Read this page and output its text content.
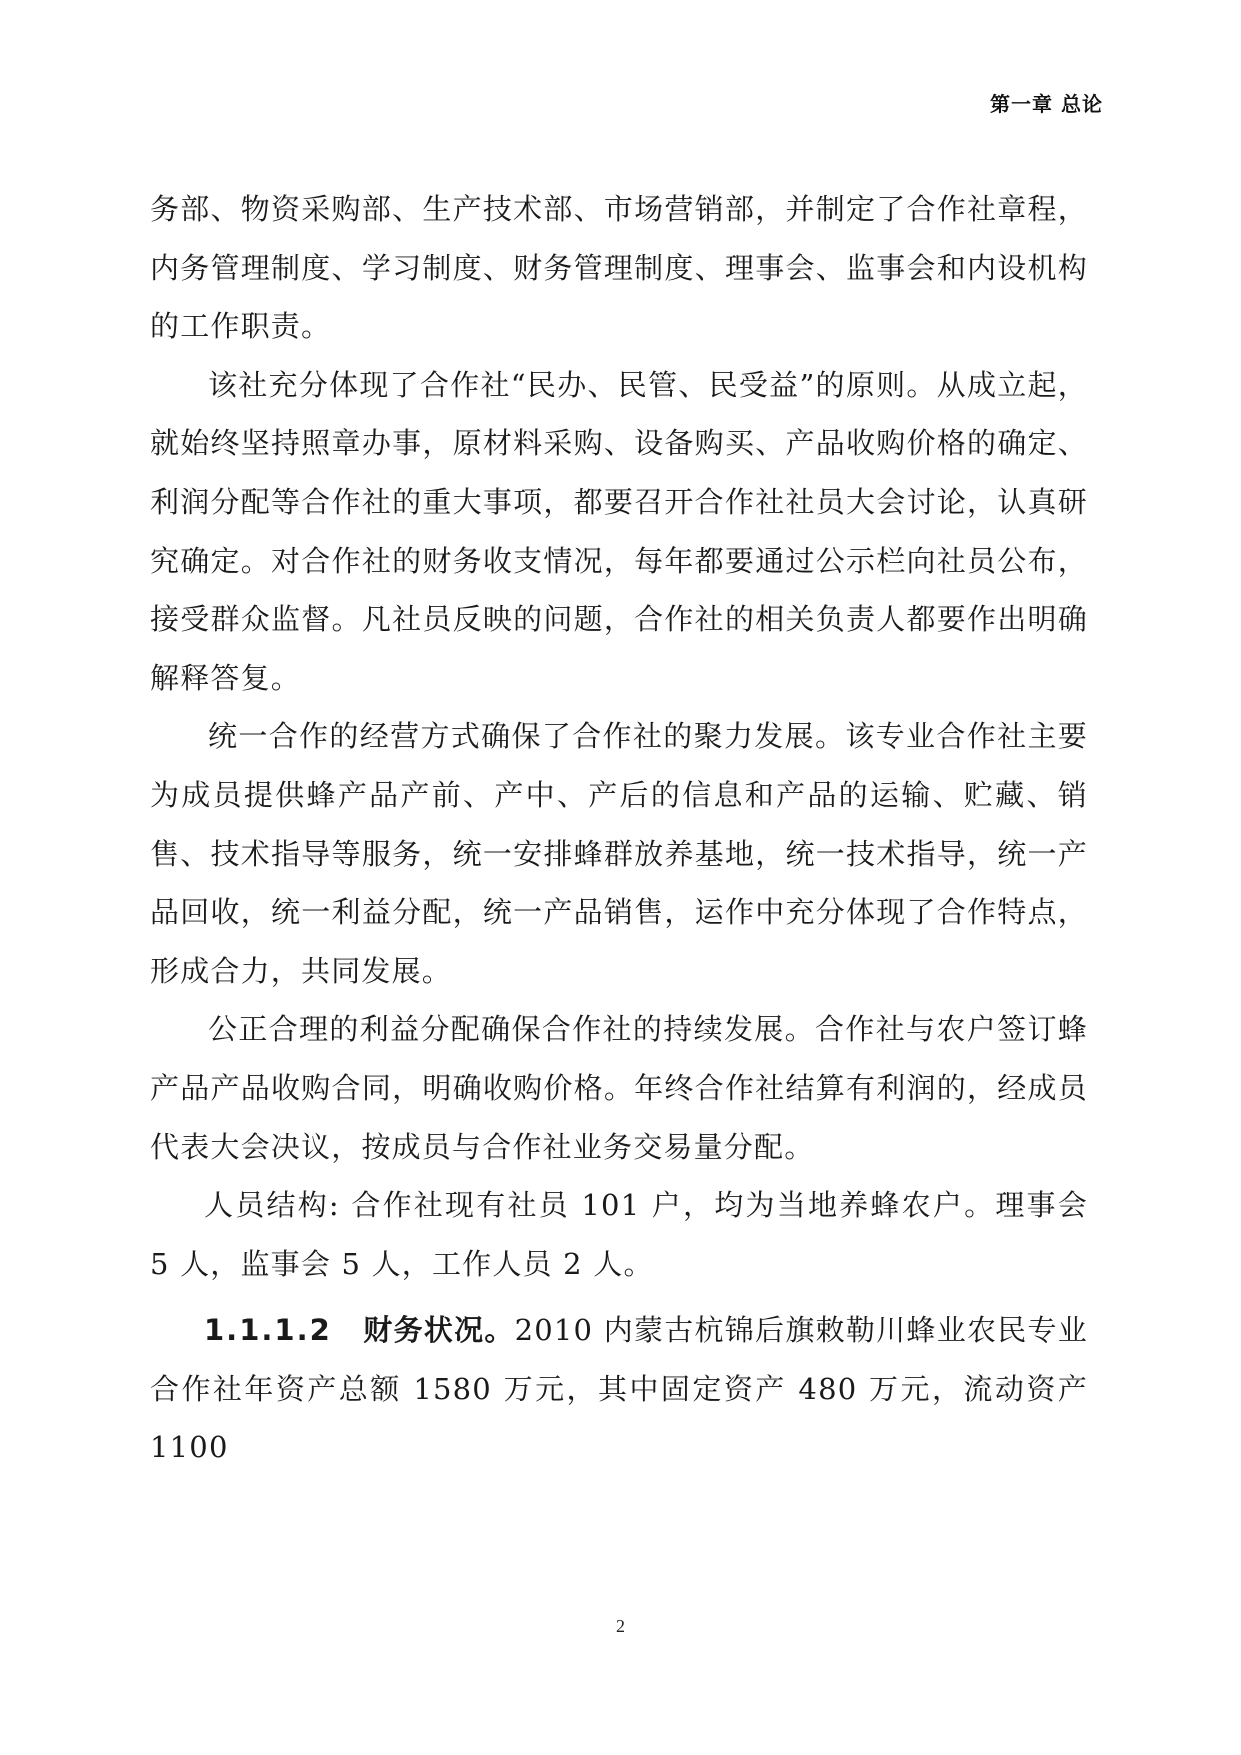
第一章 总论

务部、物资采购部、生产技术部、市场营销部，并制定了合作社章程，内务管理制度、学习制度、财务管理制度、理事会、监事会和内设机构的工作职责。

该社充分体现了合作社“民办、民管、民受益”的原则。从成立起，就始终坚持照章办事，原材料采购、设备购买、产品收购价格的确定、利润分配等合作社的重大事项，都要召开合作社社员大会讨论，认真研究确定。对合作社的财务收支情况，每年都要通过公示栏向社员公布，接受群众监督。凡社员反映的问题，合作社的相关负责人都要作出明确解释答复。

统一合作的经营方式确保了合作社的聚力发展。该专业合作社主要为成员提供蜂产品产前、产中、产后的信息和产品的运输、贮藏、销售、技术指导等服务，统一安排蜂群放养基地，统一技术指导，统一产品回收，统一利益分配，统一产品销售，运作中充分体现了合作特点，形成合力，共同发展。

公正合理的利益分配确保合作社的持续发展。合作社与农户签订蜂产品产品收购合同，明确收购价格。年终合作社结算有利润的，经成员代表大会决议，按成员与合作社业务交易量分配。

人员结构: 合作社现有社员 101 户，均为当地养蜂农户。理事会 5 人，监事会 5 人，工作人员 2 人。

1.1.1.2 财务状况。2010 内蒙古杭锦后旗敕勒川蜂业农民专业合作社年资产总额 1580 万元，其中固定资产 480 万元，流动资产 1100

2
